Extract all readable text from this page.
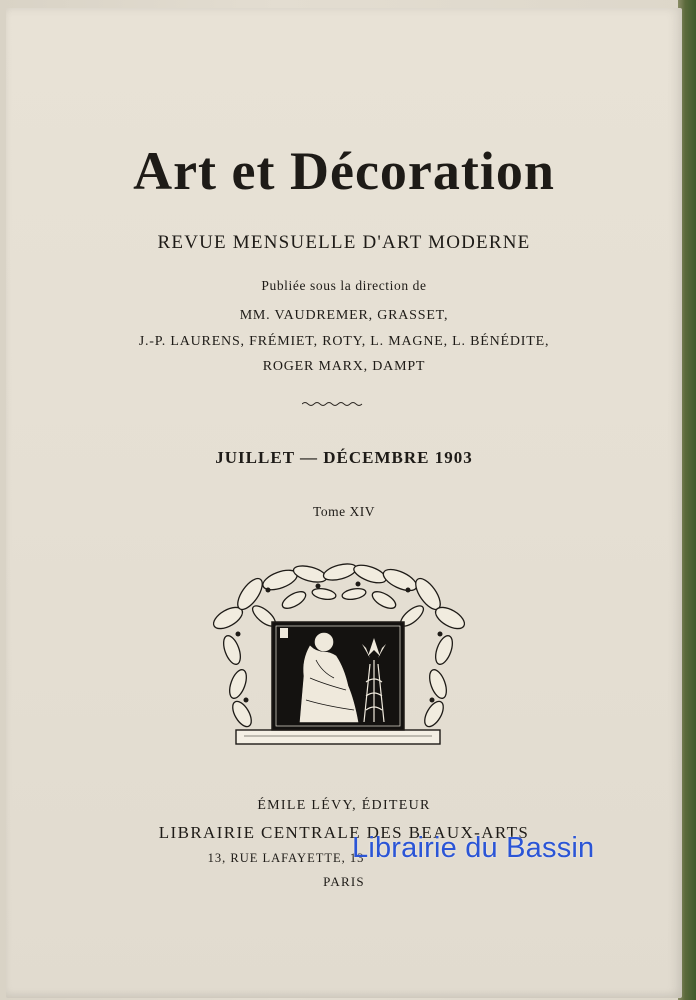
Art et Décoration
REVUE MENSUELLE D'ART MODERNE
Publiée sous la direction de
MM. VAUDREMER, GRASSET,
J.-P. LAURENS, FRÉMIET, ROTY, L. MAGNE, L. BÉNÉDITE,
ROGER MARX, DAMPT
JUILLET — DÉCEMBRE 1903
Tome XIV
ÉMILE LÉVY, ÉDITEUR
LIBRAIRIE CENTRALE DES BEAUX-ARTS
13, RUE LAFAYETTE, 13
PARIS
Librairie du Bassin
